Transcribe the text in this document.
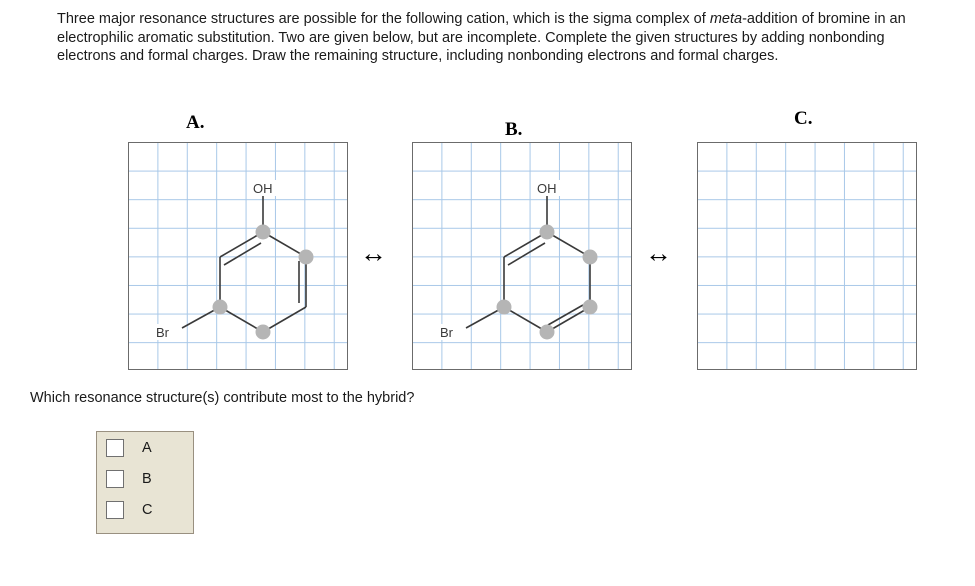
Three major resonance structures are possible for the following cation, which is the sigma complex of meta-addition of bromine in an electrophilic aromatic substitution. Two are given below, but are incomplete. Complete the given structures by adding nonbonding electrons and formal charges. Draw the remaining structure, including nonbonding electrons and formal charges.
A.	B.
C.
↔	↔
OH
Br
OH
Br
Which resonance structure(s) contribute most to the hybrid?
A
B
C
